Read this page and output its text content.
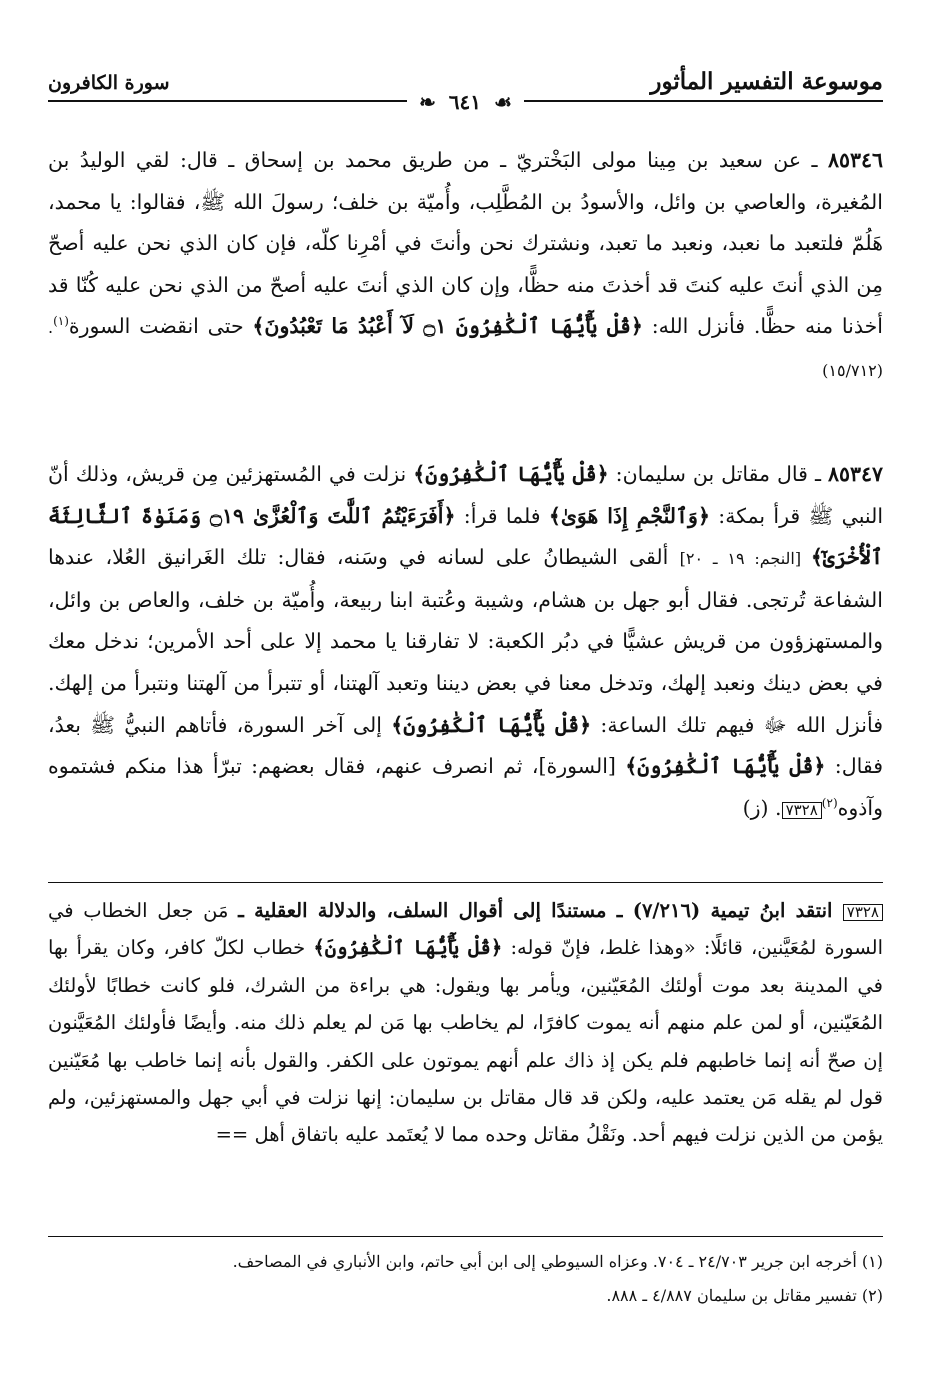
موسوعة التفسير المأثور
سورة الكافرون
❧ ٦٤١ ☙
٨٥٣٤٦ ـ عن سعيد بن مِينا مولى البَخْتريّ ـ من طريق محمد بن إسحاق ـ قال: لقي الوليدُ بن المُغيرة، والعاصي بن وائل، والأسودُ بن المُطَّلِب، وأُميّة بن خلف؛ رسولَ الله ﷺ، فقالوا: يا محمد، هَلُمّ فلتعبد ما نعبد، ونعبد ما تعبد، ونشترك نحن وأنتَ في أمْرِنا كلّه، فإن كان الذي نحن عليه أصحّ مِن الذي أنتَ عليه كنتَ قد أخذتَ منه حظًّا، وإن كان الذي أنتَ عليه أصحّ من الذي نحن عليه كُنّا قد أخذنا منه حظًّا. فأنزل الله: ﴿قُلْ يَٰٓأَيُّهَا ٱلْكَٰفِرُونَ ۝١ لَآ أَعْبُدُ مَا تَعْبُدُونَ﴾ حتى انقضت السورة$^{(١)}$. (١٥/٧١٢)
٨٥٣٤٧ ـ قال مقاتل بن سليمان: ﴿قُلْ يَٰٓأَيُّهَا ٱلْكَٰفِرُونَ﴾ نزلت في المُستهزئين مِن قريش، وذلك أنّ النبي ﷺ قرأ بمكة: ﴿وَٱلنَّجْمِ إِذَا هَوَىٰ﴾ فلما قرأ: ﴿أَفَرَءَيْتُمُ ٱللَّٰتَ وَٱلْعُزَّىٰ ۝١٩ وَمَنَوٰةَ ٱلثَّالِثَةَ ٱلْأُخْرَىٰٓ﴾ [النجم: ١٩ ـ ٢٠] ألقى الشيطانُ على لسانه في وسَنه، فقال: تلك الغَرانيق العُلا، عندها الشفاعة تُرتجى. فقال أبو جهل بن هشام، وشيبة وعُتبة ابنا ربيعة، وأُميّة بن خلف، والعاص بن وائل، والمستهزؤون من قريش عشيًّا في دبُر الكعبة: لا تفارقنا يا محمد إلا على أحد الأمرين؛ ندخل معك في بعض دينك ونعبد إلهك، وتدخل معنا في بعض ديننا وتعبد آلهتنا، أو تتبرأ من آلهتنا ونتبرأ من إلهك. فأنزل الله ﷻ فيهم تلك الساعة: ﴿قُلْ يَٰٓأَيُّهَا ٱلْكَٰفِرُونَ﴾ إلى آخر السورة، فأتاهم النبيُّ ﷺ بعدُ، فقال: ﴿قُلْ يَٰٓأَيُّهَا ٱلْكَٰفِرُونَ﴾ [السورة]، ثم انصرف عنهم، فقال بعضهم: تبرّأ هذا منكم فشتموه وآذوه$^{(٢)}$٧٣٢٨. (ز)
٧٣٢٨ انتقد ابنُ تيمية (٧/٢١٦) ـ مستندًا إلى أقوال السلف، والدلالة العقلية ـ مَن جعل الخطاب في السورة لمُعَيَّنين، قائلًا: «وهذا غلط، فإنّ قوله: ﴿قُلْ يَٰٓأَيُّهَا ٱلْكَٰفِرُونَ﴾ خطاب لكلّ كافر، وكان يقرأ بها في المدينة بعد موت أولئك المُعَيّنين، ويأمر بها ويقول: هي براءة من الشرك، فلو كانت خطابًا لأولئك المُعَيّنين، أو لمن علم منهم أنه يموت كافرًا، لم يخاطب بها مَن لم يعلم ذلك منه. وأيضًا فأولئك المُعَيَّنون إن صحّ أنه إنما خاطبهم فلم يكن إذ ذاك علم أنهم يموتون على الكفر. والقول بأنه إنما خاطب بها مُعَيّنين قول لم يقله مَن يعتمد عليه، ولكن قد قال مقاتل بن سليمان: إنها نزلت في أبي جهل والمستهزئين، ولم يؤمن من الذين نزلت فيهم أحد. ونَقْلُ مقاتل وحده مما لا يُعتَمد عليه باتفاق أهل ==
(١) أخرجه ابن جرير ٢٤/٧٠٣ ـ ٧٠٤. وعزاه السيوطي إلى ابن أبي حاتم، وابن الأنباري في المصاحف.
(٢) تفسير مقاتل بن سليمان ٤/٨٨٧ ـ ٨٨٨.
